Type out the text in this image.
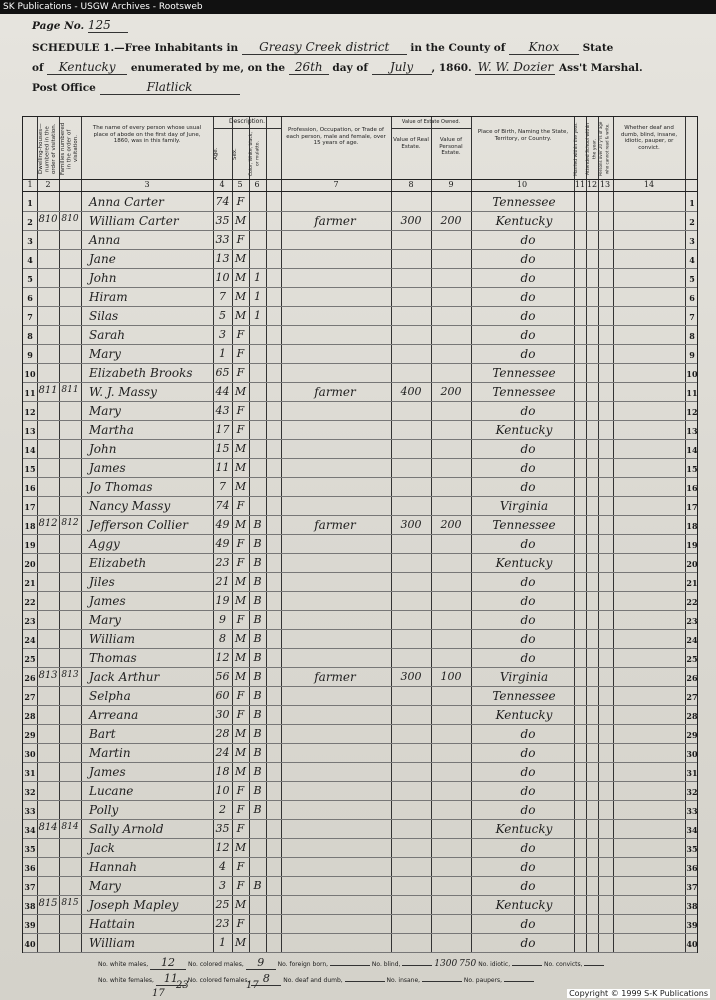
SK Publications - USGW Archives - Rootsweb
Page No. 125
SCHEDULE 1.—Free Inhabitants in Greasy Creek district in the County of Knox State
of Kentucky enumerated by me, on the 26th day of July , 1860. W. W. Dozier Ass't Marshal.
Post Office	Flatlick
Dwelling-houses— numbered in the order of visitation. Families numbered in the order of visitation.
The name of every person whose usual place of abode on the first day of June, 1860, was in this family.
Description.
Age.	Sex.	Color, White, black, or mulatto.
Profession, Occupation, or Trade of each person, male and female, over 15 years of age.
Value of Estate Owned.
Value of Real Estate.
Value of Personal Estate.
Place of Birth, Naming the State, Territory, or Country.	Married within the year.	Attended School within the year. Persons over 20 y'rs of age who cannot read & write.	Whether deaf and dumb, blind, insane, idiotic, pauper, or convict.
1	2	3	4	5	6	7	8	9	10	11 12 13	14
1	Anna Carter	74 F	Tennessee
2 810 810 William Carter	35 M	farmer	300	200	Kentucky
3	Anna	33 F	do
4	Jane	13 M	do
5	John	10 M 1	do
6	Hiram	7 M 1	do
7	Silas	5 M 1	do
8	Sarah	3 F	do
9	Mary	1 F	do
10	Elizabeth Brooks 65 F	Tennessee
11 811 811 W. J. Massy	44 M	farmer	400	200	Tennessee
12	Mary	43 F	do
13	Martha	17 F	Kentucky
14	John	15 M	do
15	James	11 M	do
16	Jo Thomas	7 M	do
17	Nancy Massy	74 F	Virginia
18 812 812 Jefferson Collier	49 M B	farmer	300	200	Tennessee
19	Aggy	49 F B	do
20	Elizabeth	23 F B	Kentucky
21	Jiles	21 M B	do
22	James	19 M B	do
23	Mary	9 F B	do
24	William	8 M B	do
25	Thomas	12 M B	do
26 813 813 Jack Arthur	56 M B	farmer	300	100	Virginia
27	Selpha	60 F B	Tennessee
28	Arreana	30 F B	Kentucky
29	Bart	28 M B	do
30	Martin	24 M B	do
31	James	18 M B	do
32	Lucane	10 F B	do
33	Polly	2 F B	do
34 814 814 Sally Arnold	35 F	Kentucky
35	Jack	12 M	do
36	Hannah	4 F	do
37	Mary	3 F B	do
38 815 815 Joseph Mapley	25 M	Kentucky
39	Hattain	23 F	do
40	William	1 M	do
1
2
3
4
5
6
7
8
9
10
11
12
13
14
15
16
17
18
19
20
21
22
23
24
25
26
27
28
29
30
31
32
33
34
35
36
37
38
39
40
No. white males, 12 No. colored males, 9 No. foreign born,	No. blind,	1300 750 No. idiotic,	No. convicts,
No. white females, 11 No. colored females, 8 No. deaf and dumb,	No. insane,	No. paupers,
23	17
17	Copyright © 1999 S-K Publications
